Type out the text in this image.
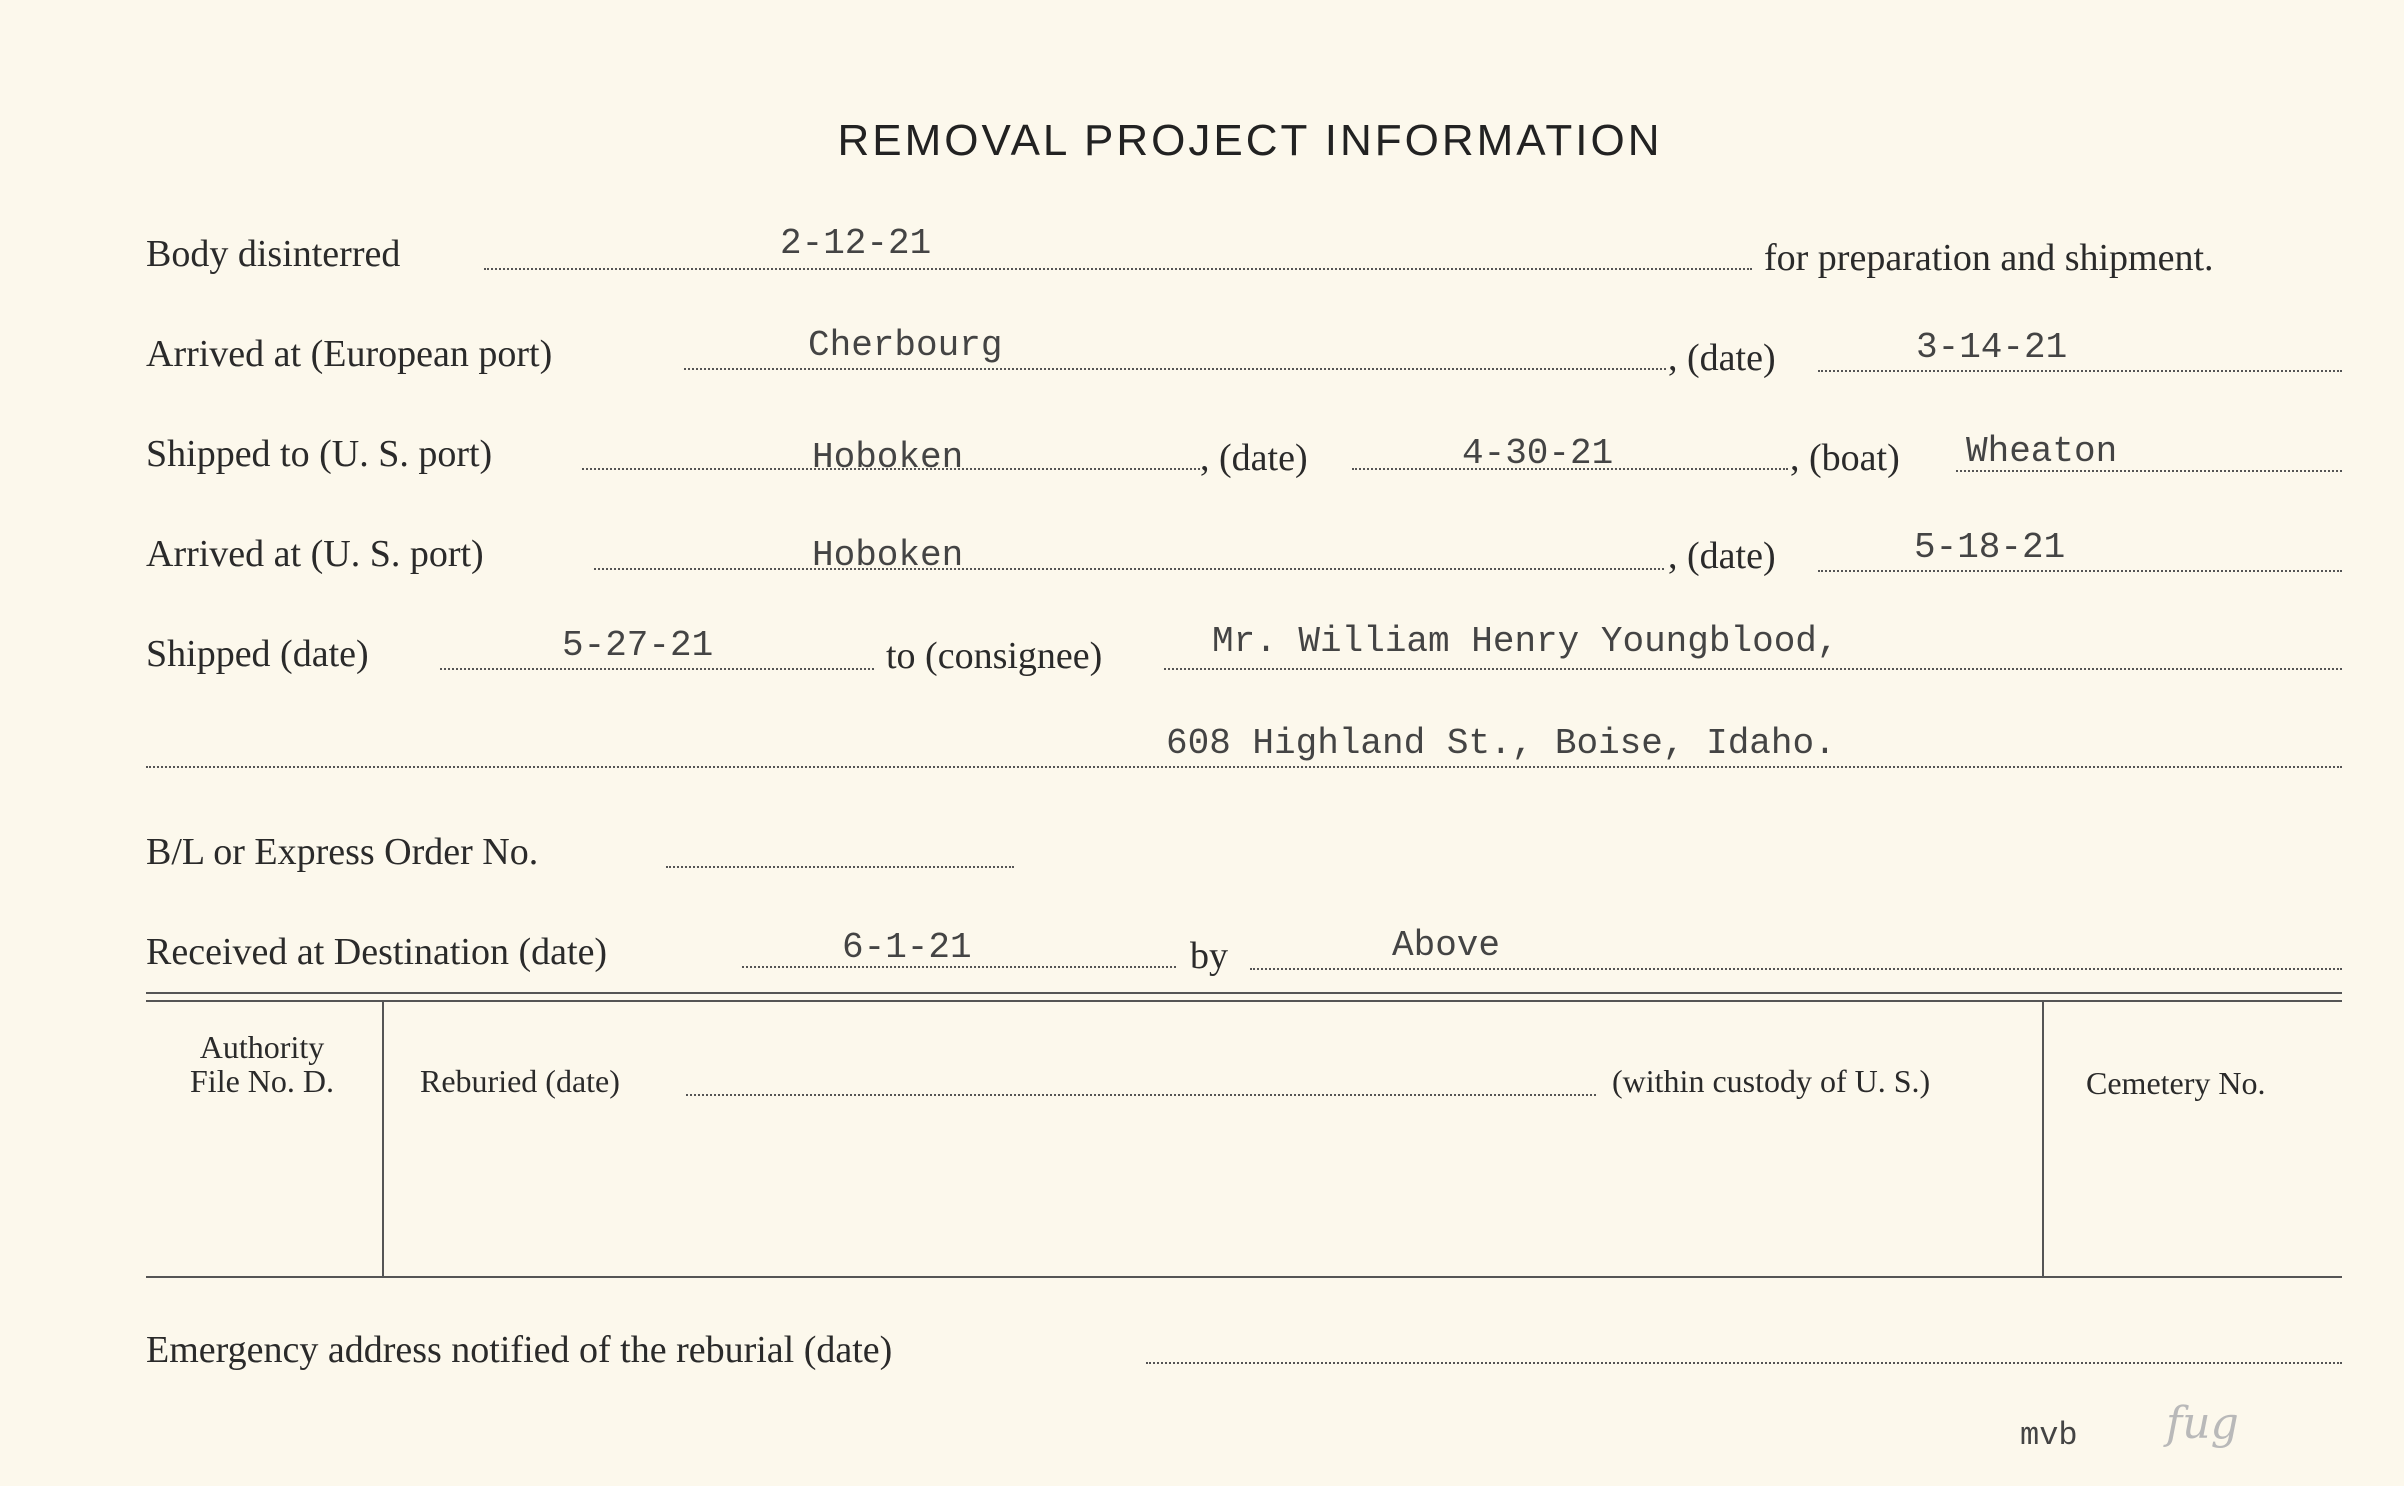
REMOVAL PROJECT INFORMATION
Body disinterred	2-12-21	for preparation and shipment.
Arrived at (European port)	Cherbourg	, (date)	3-14-21
Shipped to (U. S. port)	Hoboken	, (date)	4-30-21	, (boat) Wheaton
Arrived at (U. S. port)	Hoboken	, (date)	5-18-21
Shipped (date)	5-27-21	to (consignee)	Mr. William Henry Youngblood,
608 Highland St., Boise, Idaho.
B/L or Express Order No.
Received at Destination (date)	6-1-21	by	Above
Authority
File No. D.	Reburied (date)	(within custody of U. S.)	Cemetery No.
Emergency address notified of the reburial (date)
mvb fug
